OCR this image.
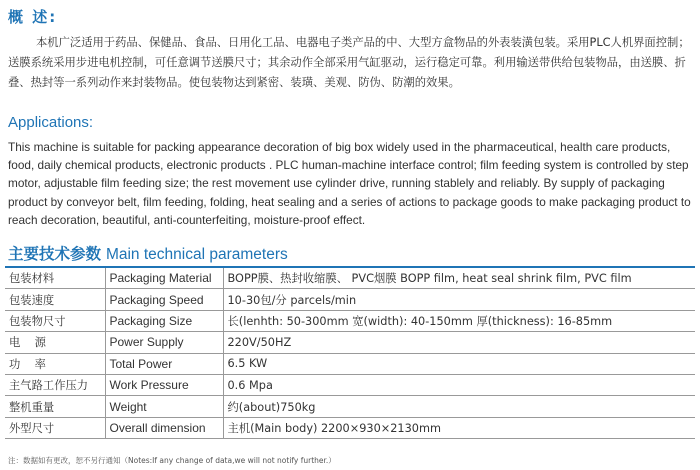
概 述:
本机广泛适用于药品、保健品、食品、日用化工品、电器电子类产品的中、大型方盒物品的外表装潢包装。采用PLC人机界面控制；送膜系统采用步进电机控制，可任意调节送膜尺寸；其余动作全部采用气缸驱动，运行稳定可靠。利用输送带供给包装物品，由送膜、折叠、热封等一系列动作来封装物品。使包装物达到紧密、装璜、美观、防伪、防潮的效果。
Applications:
This machine is suitable for packing appearance decoration of big box widely used in the pharmaceutical, health care products, food, daily chemical products, electronic products . PLC human-machine interface control; film feeding system is controlled by step motor, adjustable film feeding size; the rest movement use cylinder drive, running stablely and reliably. By supply of packaging product by conveyor belt, film feeding, folding, heat sealing and a series of actions to package goods to make packaging product to reach decoration, beautiful, anti-counterfeiting, moisture-proof effect.
主要技术参数 Main technical parameters
包装材料	Packaging Material	BOPP膜、热封收缩膜、 PVC烟膜 BOPP film, heat seal shrink film, PVC film
包装速度	Packaging Speed	10-30包/分 parcels/min
包装物尺寸	Packaging Size	长(lenhth: 50-300mm 宽(width): 40-150mm 厚(thickness): 16-85mm
电    源	Power Supply	220V/50HZ
功    率	Total Power	6.5 KW
主气路工作压力	Work Pressure	0.6 Mpa
整机重量	Weight	约(about)750kg
外型尺寸	Overall dimension	主机(Main body) 2200×930×2130mm
注：数据如有更改，恕不另行通知（Notes:If any change of data,we will not notify further.）
